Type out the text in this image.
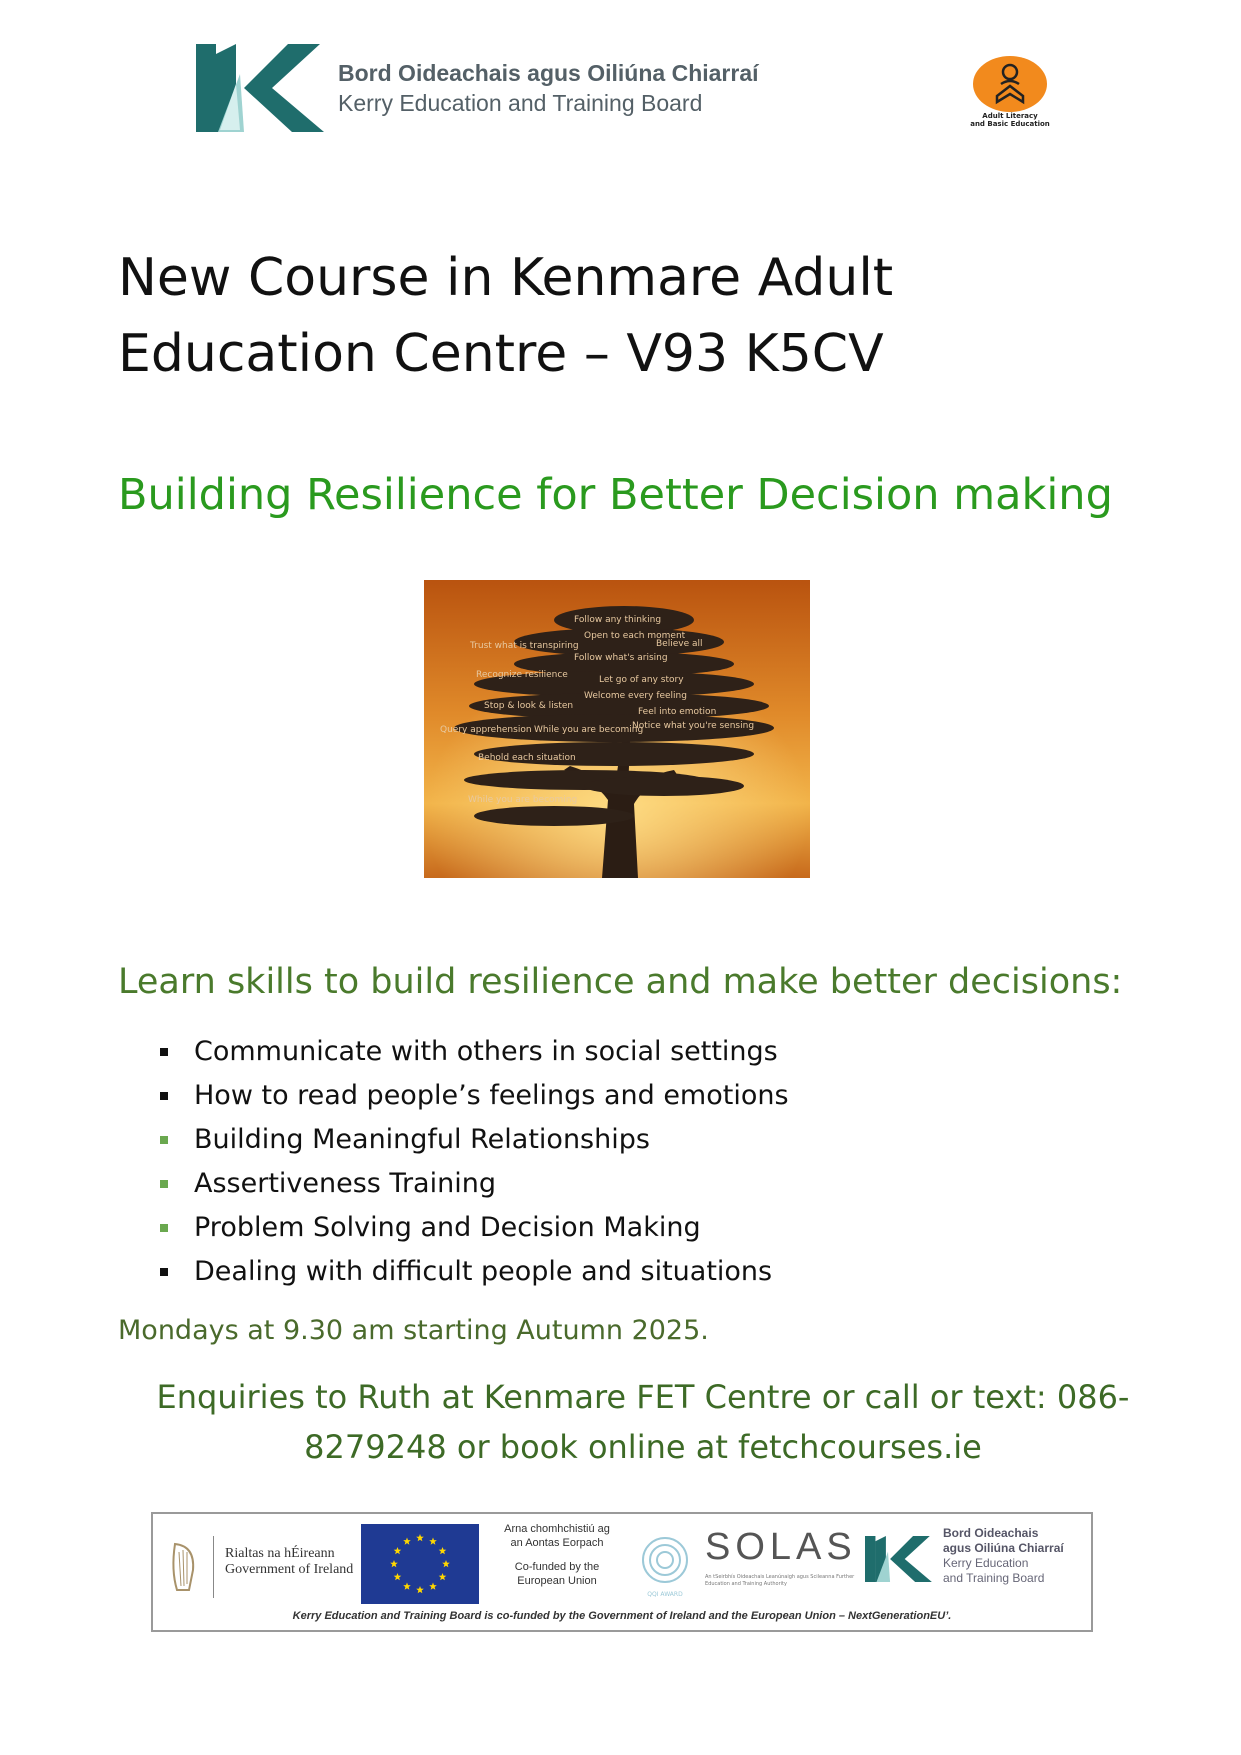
Bord Oideachais agus Oiliúna Chiarraí
Kerry Education and Training Board	Adult Literacy
and Basic Education
New Course in Kenmare Adult
Education Centre – V93 K5CV
Building Resilience for Better Decision making
Follow any thinking
Open to each moment
Trust what is transpiring	Believe all
Follow what's arising
Recognize resilience	Let go of any story
Welcome every feeling
Stop & look & listen
Feel into emotion
Notice what you're sensing
Query apprehension While you are becoming
Behold each situation
While you are becoming
Learn skills to build resilience and make better decisions:
Communicate with others in social settings
How to read people’s feelings and emotions
Building Meaningful Relationships
Assertiveness Training
Problem Solving and Decision Making
Dealing with difficult people and situations
Mondays at 9.30 am starting Autumn 2025.
Enquiries to Ruth at Kenmare FET Centre or call or text: 086-
8279248 or book online at fetchcourses.ie
Rialtas na hÉireann
Government of Ireland
Arna chomhchistiú ag
an Aontas Eorpach
Co-funded by the
European Union
QQI AWARD
SOLAS
An tSeirbhís Oideachais Leanúnaigh agus Scileanna Further Education and Training Authority
Bord Oideachais
agus Oiliúna Chiarraí
Kerry Education
and Training Board
Kerry Education and Training Board is co-funded by the Government of Ireland and the European Union – NextGenerationEU’.
